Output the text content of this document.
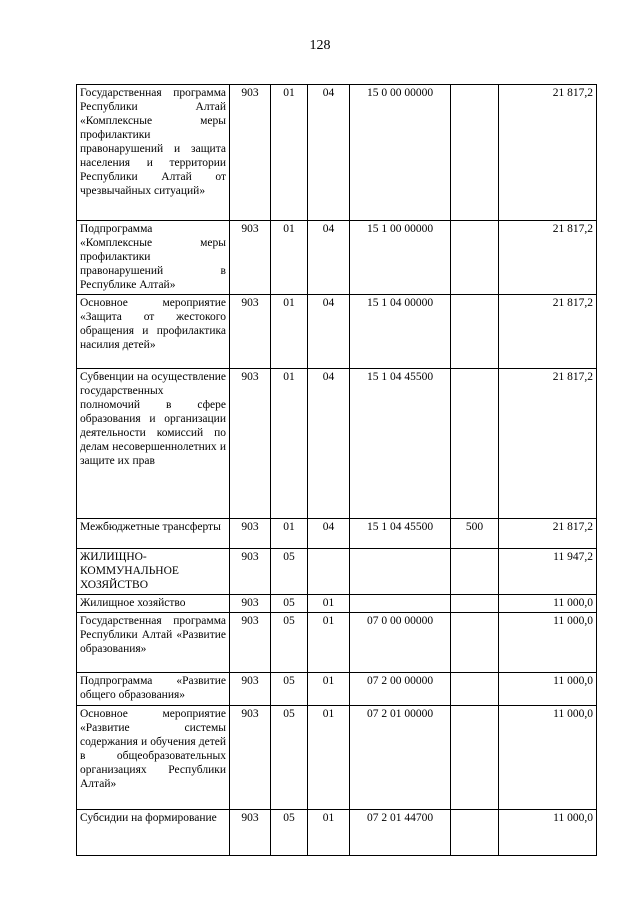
128
Государственная программа Республики Алтай «Комплексные меры профилактики правонарушений и защита населения и территории Республики Алтай от чрезвычайных ситуаций»	903	01	04	15 0 00 00000		21 817,2
Подпрограмма «Комплексные меры профилактики правонарушений в Республике Алтай»	903	01	04	15 1 00 00000		21 817,2
Основное мероприятие «Защита от жестокого обращения и профилактика насилия детей»	903	01	04	15 1 04 00000		21 817,2
Субвенции на осуществление государственных полномочий в сфере образования и организации деятельности комиссий по делам несовершеннолетних и защите их прав	903	01	04	15 1 04 45500		21 817,2
Межбюджетные трансферты	903	01	04	15 1 04 45500	500	21 817,2
ЖИЛИЩНО-КОММУНАЛЬНОЕ ХОЗЯЙСТВО	903	05				11 947,2
Жилищное хозяйство	903	05	01			11 000,0
Государственная программа Республики Алтай «Развитие образования»	903	05	01	07 0 00 00000		11 000,0
Подпрограмма «Развитие общего образования»	903	05	01	07 2 00 00000		11 000,0
Основное мероприятие «Развитие системы содержания и обучения детей в общеобразовательных организациях Республики Алтай»	903	05	01	07 2 01 00000		11 000,0
Субсидии на формирование	903	05	01	07 2 01 44700		11 000,0
